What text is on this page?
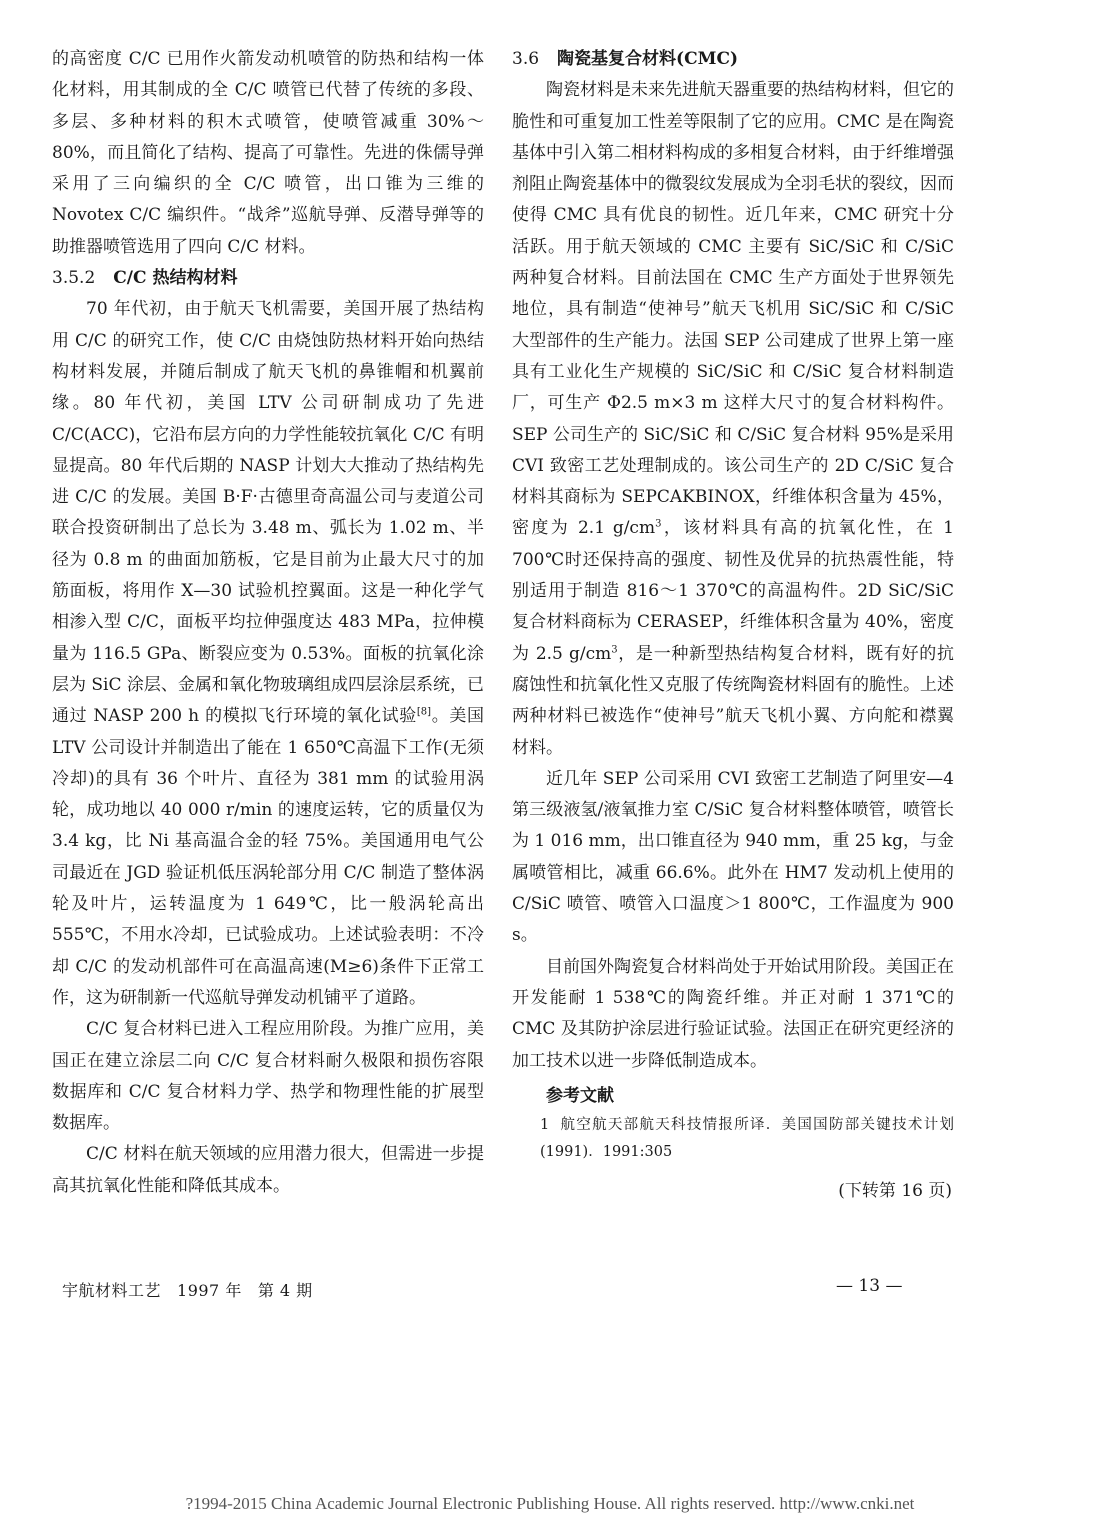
的高密度 C/C 已用作火箭发动机喷管的防热和结构一体化材料，用其制成的全 C/C 喷管已代替了传统的多段、多层、多种材料的积木式喷管，使喷管减重 30%～80%，而且简化了结构、提高了可靠性。先进的侏儒导弹采用了三向编织的全 C/C 喷管，出口锥为三维的 Novotex C/C 编织件。“战斧”巡航导弹、反潜导弹等的助推器喷管选用了四向 C/C 材料。

3.5.2 C/C 热结构材料

70 年代初，由于航天飞机需要，美国开展了热结构用 C/C 的研究工作，使 C/C 由烧蚀防热材料开始向热结构材料发展，并随后制成了航天飞机的鼻锥帽和机翼前缘。80 年代初，美国 LTV 公司研制成功了先进 C/C(ACC)，它沿布层方向的力学性能较抗氧化 C/C 有明显提高。80 年代后期的 NASP 计划大大推动了热结构先进 C/C 的发展。美国 B·F·古德里奇高温公司与麦道公司联合投资研制出了总长为 3.48 m、弧长为 1.02 m、半径为 0.8 m 的曲面加筋板，它是目前为止最大尺寸的加筋面板，将用作 X—30 试验机控翼面。这是一种化学气相渗入型 C/C，面板平均拉伸强度达 483 MPa，拉伸模量为 116.5 GPa、断裂应变为 0.53%。面板的抗氧化涂层为 SiC 涂层、金属和氧化物玻璃组成四层涂层系统，已通过 NASP 200 h 的模拟飞行环境的氧化试验[8]。美国 LTV 公司设计并制造出了能在 1 650℃高温下工作(无须冷却)的具有 36 个叶片、直径为 381 mm 的试验用涡轮，成功地以 40 000 r/min 的速度运转，它的质量仅为 3.4 kg，比 Ni 基高温合金的轻 75%。美国通用电气公司最近在 JGD 验证机低压涡轮部分用 C/C 制造了整体涡轮及叶片，运转温度为 1 649℃，比一般涡轮高出 555℃，不用水冷却，已试验成功。上述试验表明：不冷却 C/C 的发动机部件可在高温高速(M≥6)条件下正常工作，这为研制新一代巡航导弹发动机铺平了道路。

C/C 复合材料已进入工程应用阶段。为推广应用，美国正在建立涂层二向 C/C 复合材料耐久极限和损伤容限数据库和 C/C 复合材料力学、热学和物理性能的扩展型数据库。

C/C 材料在航天领域的应用潜力很大，但需进一步提高其抗氧化性能和降低其成本。

3.6 陶瓷基复合材料(CMC)

陶瓷材料是未来先进航天器重要的热结构材料，但它的脆性和可重复加工性差等限制了它的应用。CMC 是在陶瓷基体中引入第二相材料构成的多相复合材料，由于纤维增强剂阻止陶瓷基体中的微裂纹发展成为全羽毛状的裂纹，因而使得 CMC 具有优良的韧性。近几年来，CMC 研究十分活跃。用于航天领域的 CMC 主要有 SiC/SiC 和 C/SiC 两种复合材料。目前法国在 CMC 生产方面处于世界领先地位，具有制造“使神号”航天飞机用 SiC/SiC 和 C/SiC 大型部件的生产能力。法国 SEP 公司建成了世界上第一座具有工业化生产规模的 SiC/SiC 和 C/SiC 复合材料制造厂，可生产 Φ2.5 m×3 m 这样大尺寸的复合材料构件。SEP 公司生产的 SiC/SiC 和 C/SiC 复合材料 95%是采用 CVI 致密工艺处理制成的。该公司生产的 2D C/SiC 复合材料其商标为 SEPCAKBINOX，纤维体积含量为 45%，密度为 2.1 $g/cm^3$，该材料具有高的抗氧化性，在 1 700℃时还保持高的强度、韧性及优异的抗热震性能，特别适用于制造 816～1 370℃的高温构件。2D SiC/SiC 复合材料商标为 CERASEP，纤维体积含量为 40%，密度为 2.5 $g/cm^3$，是一种新型热结构复合材料，既有好的抗腐蚀性和抗氧化性又克服了传统陶瓷材料固有的脆性。上述两种材料已被选作“使神号”航天飞机小翼、方向舵和襟翼材料。

近几年 SEP 公司采用 CVI 致密工艺制造了阿里安—4 第三级液氢/液氧推力室 C/SiC 复合材料整体喷管，喷管长为 1 016 mm，出口锥直径为 940 mm，重 25 kg，与金属喷管相比，减重 66.6%。此外在 HM7 发动机上使用的 C/SiC 喷管、喷管入口温度＞1 800℃，工作温度为 900 s。

目前国外陶瓷复合材料尚处于开始试用阶段。美国正在开发能耐 1 538℃的陶瓷纤维。并正对耐 1 371℃的 CMC 及其防护涂层进行验证试验。法国正在研究更经济的加工技术以进一步降低制造成本。

参考文献

1 航空航天部航天科技情报所译．美国国防部关键技术计划(1991)．1991:305

(下转第 16 页)

宇航材料工艺 1997 年 第 4 期	— 13 —
?1994-2015 China Academic Journal Electronic Publishing House. All rights reserved. http://www.cnki.net
